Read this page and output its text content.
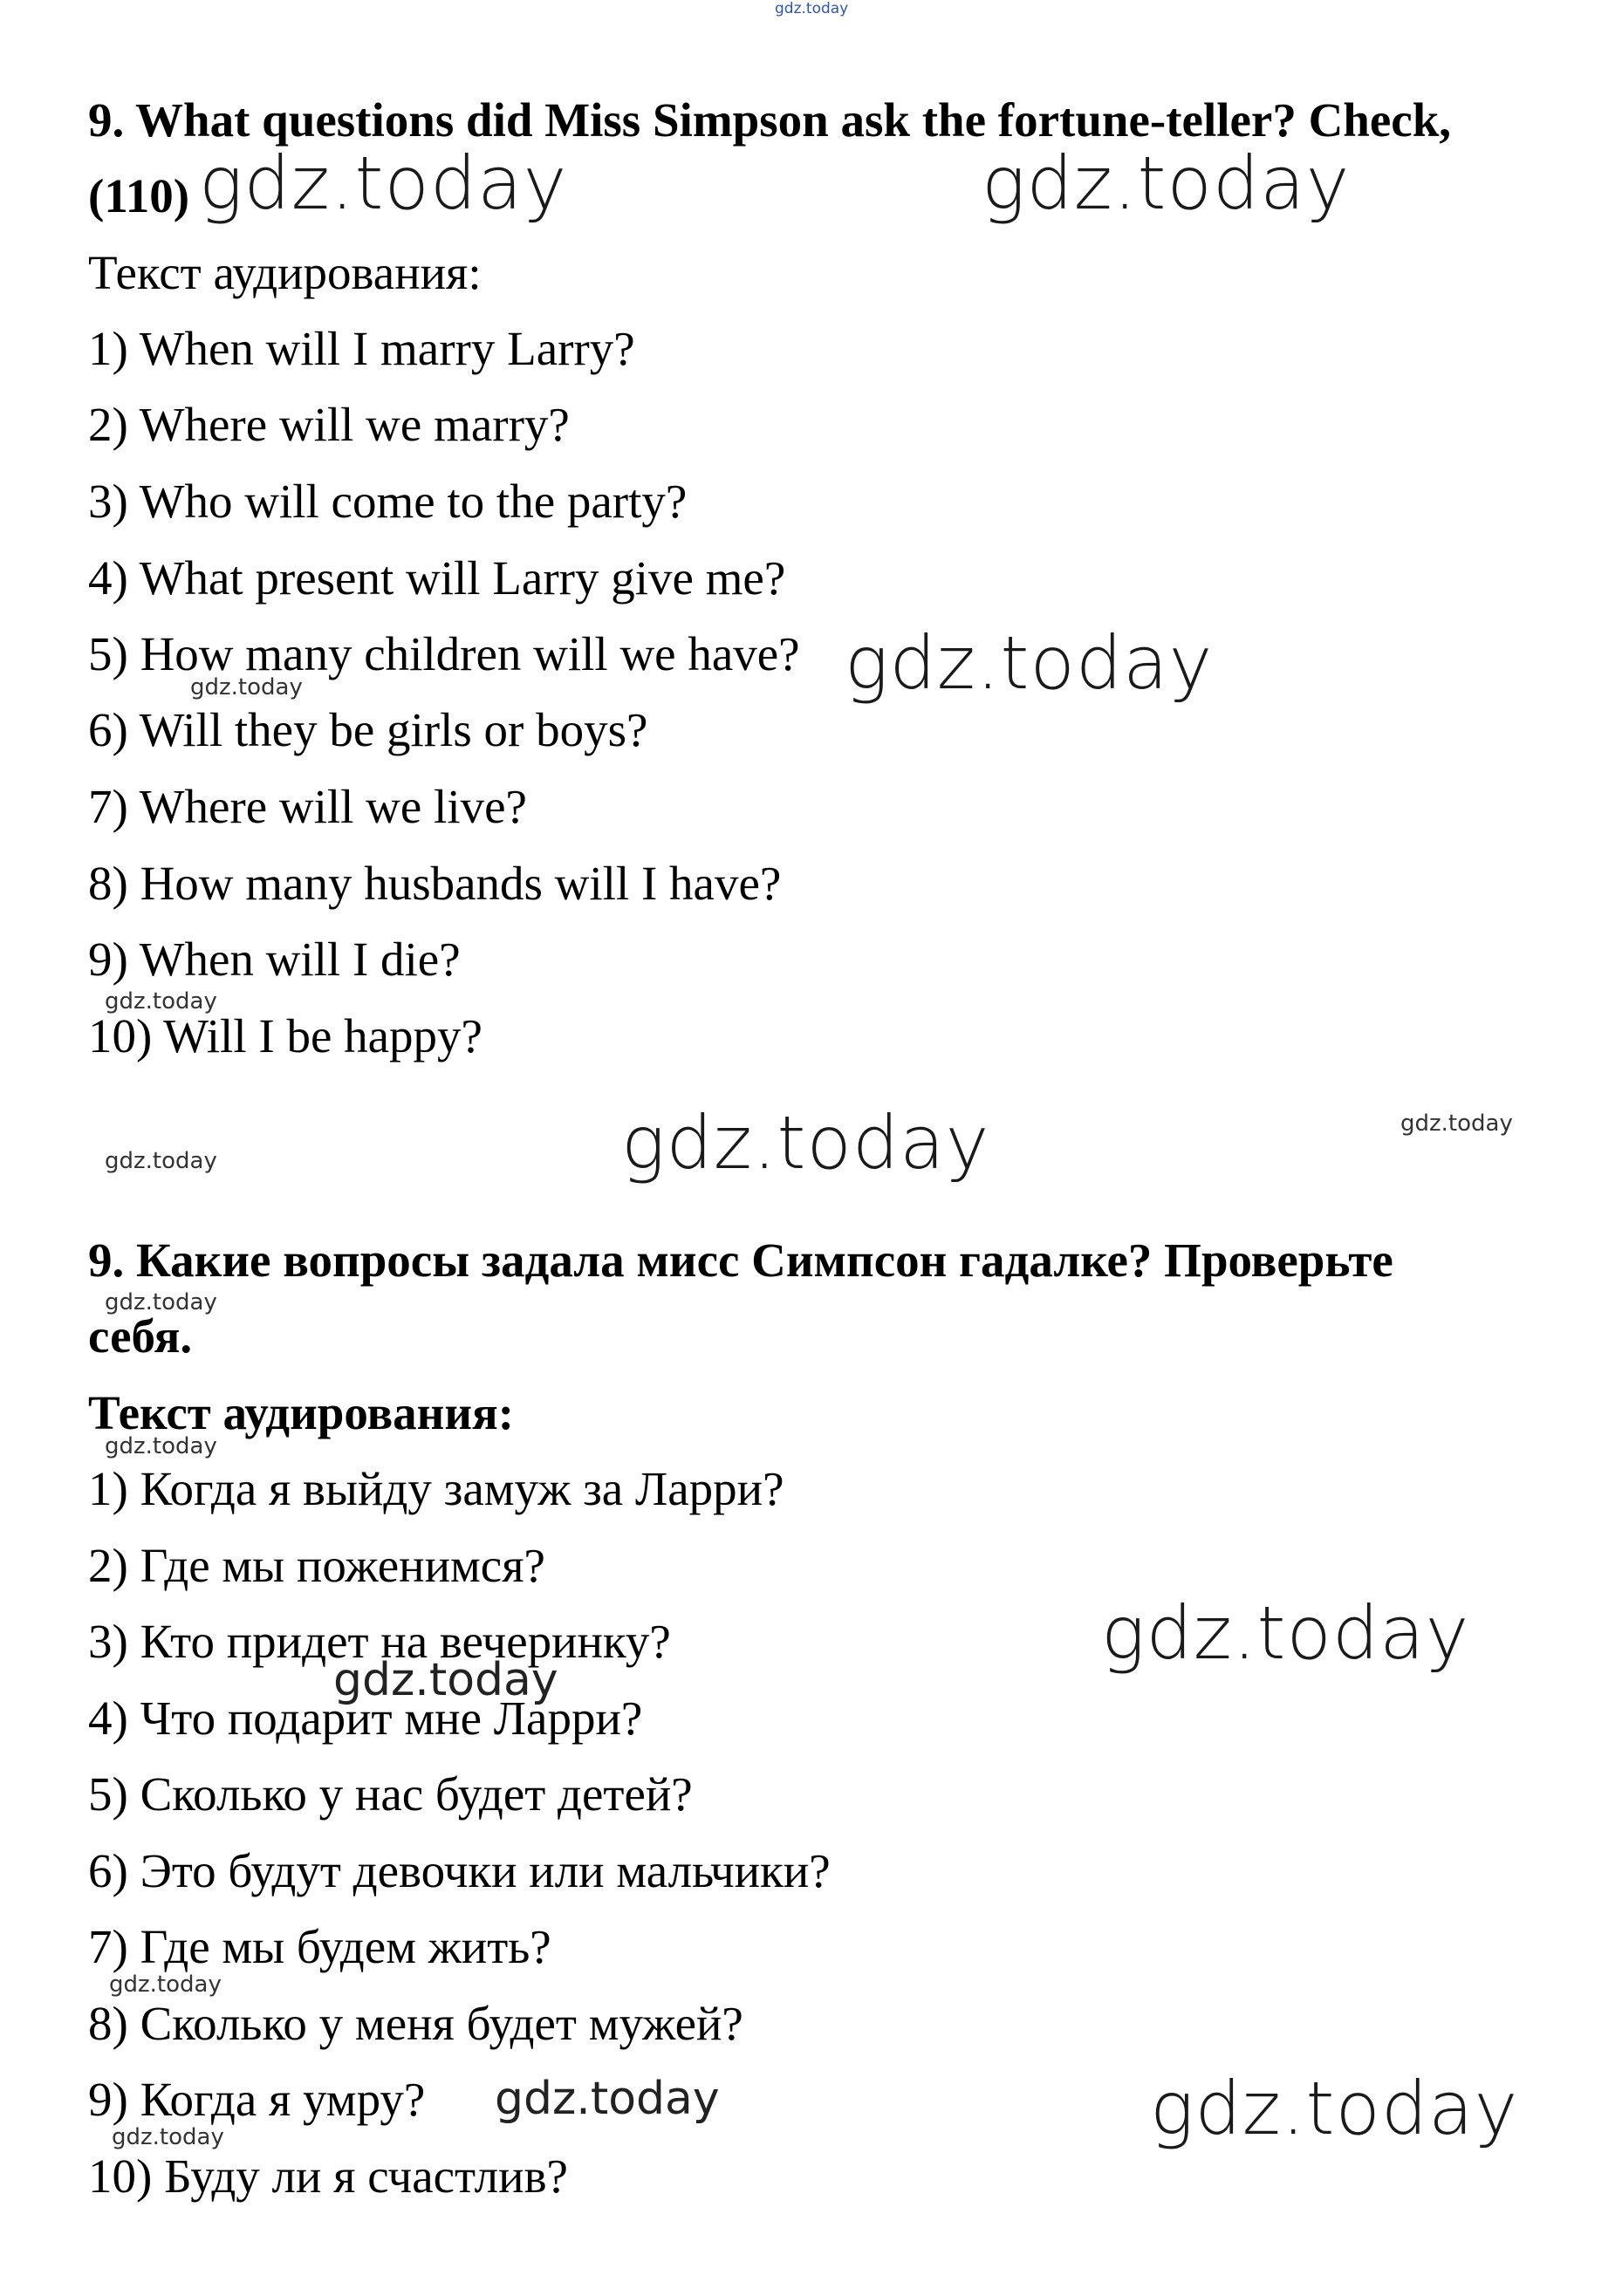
9. What questions did Miss Simpson ask the fortune-teller? Check,
(110)
Текст аудирования:
1) When will I marry Larry?
2) Where will we marry?
3) Who will come to the party?
4) What present will Larry give me?
5) How many children will we have?
6) Will they be girls or boys?
7) Where will we live?
8) How many husbands will I have?
9) When will I die?
10) Will I be happy?
9. Какие вопросы задала мисс Симпсон гадалке? Проверьте
себя.
Текст аудирования:
1) Когда я выйду замуж за Ларри?
2) Где мы поженимся?
3) Кто придет на вечеринку?
4) Что подарит мне Ларри?
5) Сколько у нас будет детей?
6) Это будут девочки или мальчики?
7) Где мы будем жить?
8) Сколько у меня будет мужей?
9) Когда я умру?
10) Буду ли я счастлив?
gdz.today
gdz.today	gdz.today
gdz.today
gdz.today
gdz.today
gdz.today
gdz.today
gdz.today
gdz.today
gdz.today
gdz.today
gdz.today
gdz.today
gdz.today	gdz.today
gdz.today
